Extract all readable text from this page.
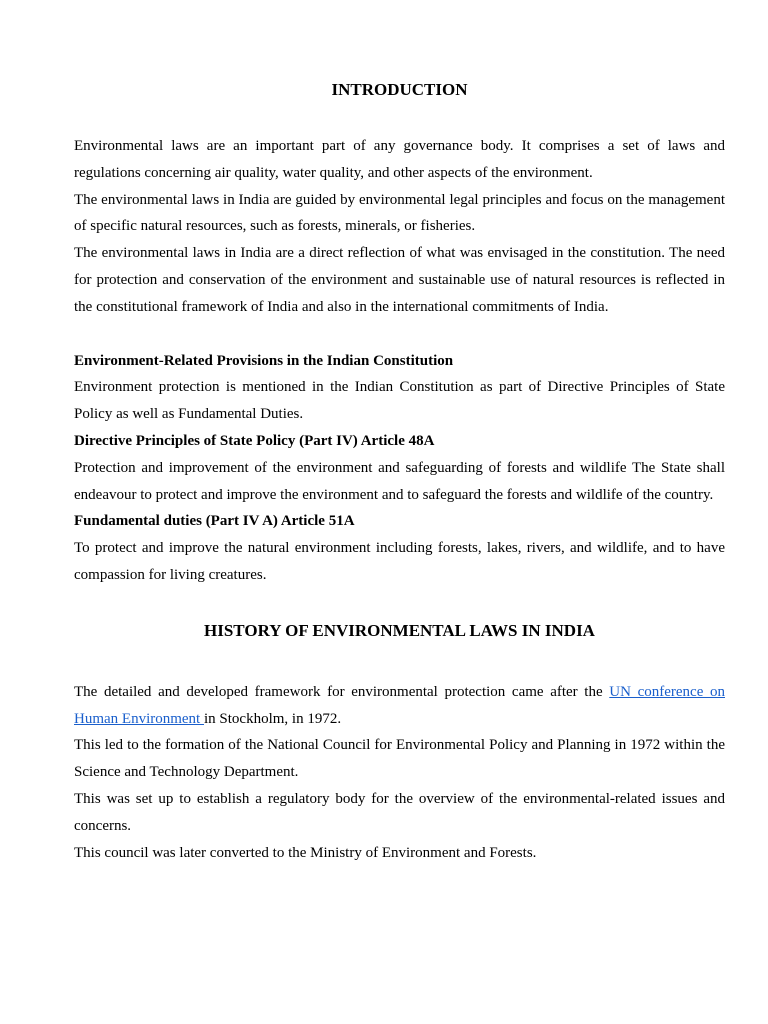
INTRODUCTION

Environmental laws are an important part of any governance body. It comprises a set of laws and regulations concerning air quality, water quality, and other aspects of the environment.

The environmental laws in India are guided by environmental legal principles and focus on the management of specific natural resources, such as forests, minerals, or fisheries.

The environmental laws in India are a direct reflection of what was envisaged in the constitution. The need for protection and conservation of the environment and sustainable use of natural resources is reflected in the constitutional framework of India and also in the international commitments of India.

Environment-Related Provisions in the Indian Constitution

Environment protection is mentioned in the Indian Constitution as part of Directive Principles of State Policy as well as Fundamental Duties.

Directive Principles of State Policy (Part IV) Article 48A

Protection and improvement of the environment and safeguarding of forests and wildlife The State shall endeavour to protect and improve the environment and to safeguard the forests and wildlife of the country.

Fundamental duties (Part IV A) Article 51A

To protect and improve the natural environment including forests, lakes, rivers, and wildlife, and to have compassion for living creatures.

HISTORY OF ENVIRONMENTAL LAWS IN INDIA

The detailed and developed framework for environmental protection came after the UN conference on Human Environment in Stockholm, in 1972.

This led to the formation of the National Council for Environmental Policy and Planning in 1972 within the Science and Technology Department.

This was set up to establish a regulatory body for the overview of the environmental-related issues and concerns.

This council was later converted to the Ministry of Environment and Forests.
